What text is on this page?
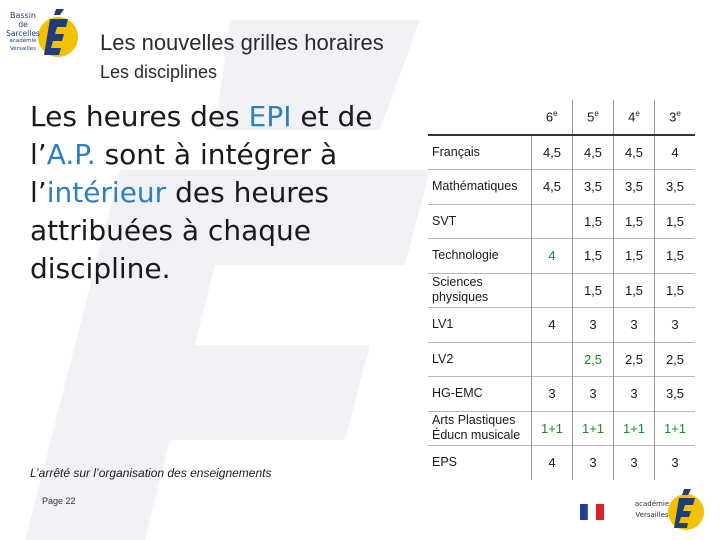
Bassin
de Sarcelles
académie
Versailles	Les nouvelles grilles horaires
Les disciplines
Les heures des EPI et de l’A.P. sont à intégrer à l’intérieur des heures attribuées à chaque discipline.
L’arrêté sur l’organisation des enseignements
Page 22
	6e	5e	4e	3e
Français	4,5	4,5	4,5	4
Mathématiques	4,5	3,5	3,5	3,5
SVT		1,5	1,5	1,5
Technologie	4	1,5	1,5	1,5
Sciences physiques		1,5	1,5	1,5
LV1	4	3	3	3
LV2		2,5	2,5	2,5
HG-EMC	3	3	3	3,5

Arts Plastiques
Éducn musicale	1+1	1+1	1+1	1+1
EPS	4	3	3	3
académie
Versailles
